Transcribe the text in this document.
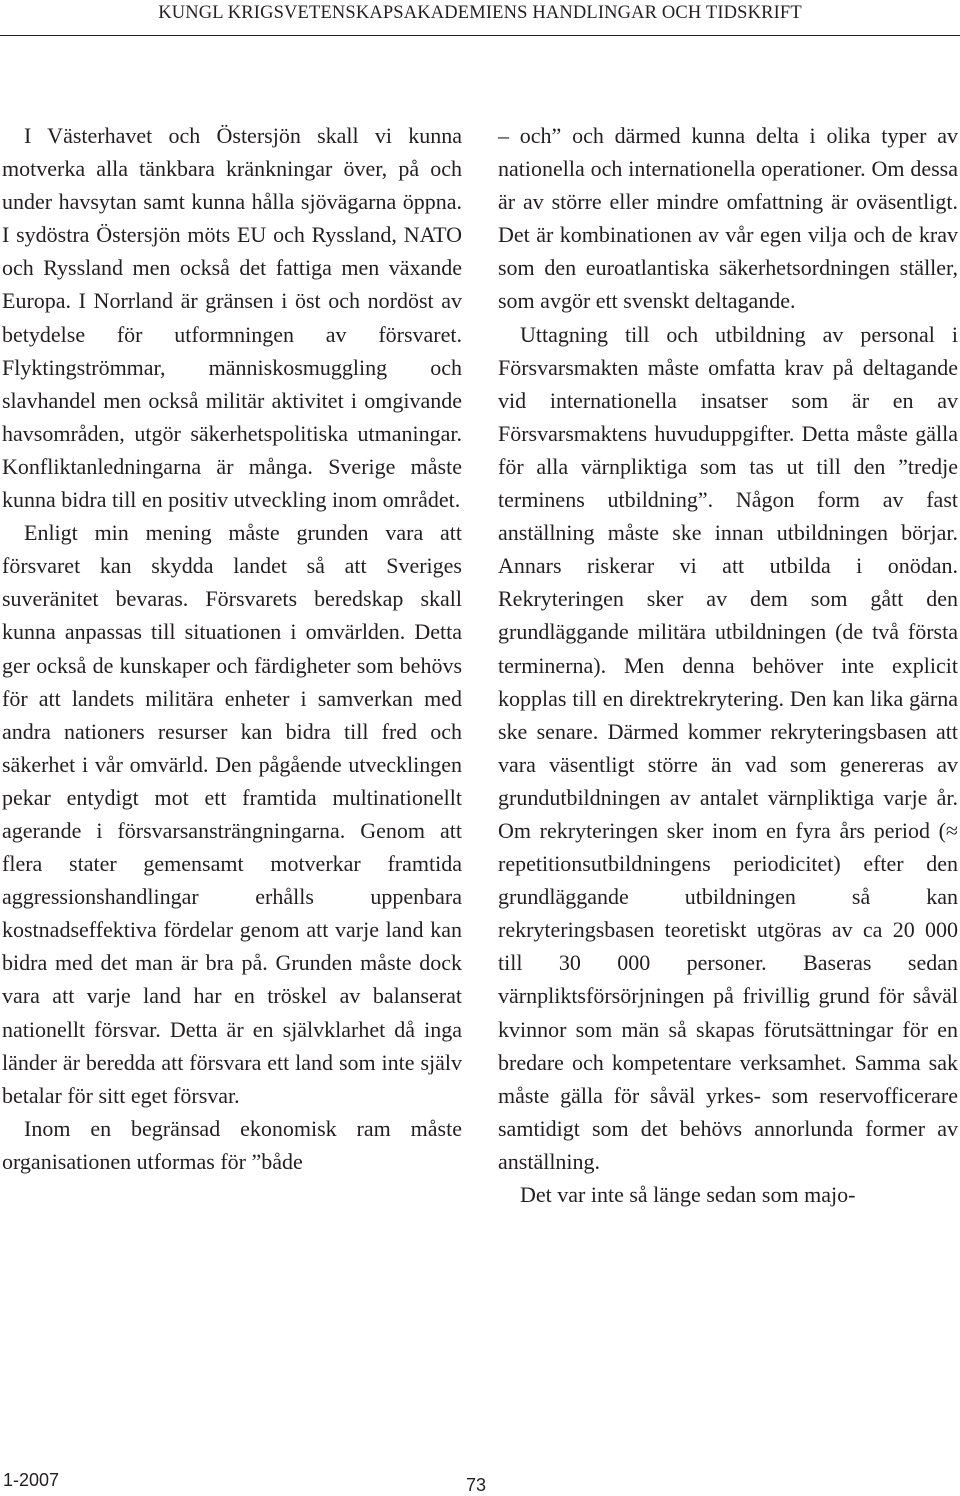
KUNGL KRIGSVETENSKAPSAKADEMIENS HANDLINGAR OCH TIDSKRIFT

I Västerhavet och Östersjön skall vi kunna motverka alla tänkbara kränkningar över, på och under havsytan samt kunna hålla sjövägarna öppna. I sydöstra Östersjön möts EU och Ryssland, NATO och Ryssland men också det fattiga men växande Europa. I Norrland är gränsen i öst och nordöst av betydelse för utformningen av försvaret. Flyktingströmmar, människosmuggling och slavhandel men också militär aktivitet i omgivande havsområden, utgör säkerhetspolitiska utmaningar. Konfliktanledningarna är många. Sverige måste kunna bidra till en positiv utveckling inom området.

Enligt min mening måste grunden vara att försvaret kan skydda landet så att Sveriges suveränitet bevaras. Försvarets beredskap skall kunna anpassas till situationen i omvärlden. Detta ger också de kunskaper och färdigheter som behövs för att landets militära enheter i samverkan med andra nationers resurser kan bidra till fred och säkerhet i vår omvärld. Den pågående utvecklingen pekar entydigt mot ett framtida multinationellt agerande i försvarsansträngningarna. Genom att flera stater gemensamt motverkar framtida aggressionshandlingar erhålls uppenbara kostnadseffektiva fördelar genom att varje land kan bidra med det man är bra på. Grunden måste dock vara att varje land har en tröskel av balanserat nationellt försvar. Detta är en självklarhet då inga länder är beredda att försvara ett land som inte själv betalar för sitt eget försvar.

Inom en begränsad ekonomisk ram måste organisationen utformas för ”både

– och” och därmed kunna delta i olika typer av nationella och internationella operationer. Om dessa är av större eller mindre omfattning är oväsentligt. Det är kombinationen av vår egen vilja och de krav som den euroatlantiska säkerhetsordningen ställer, som avgör ett svenskt deltagande.

Uttagning till och utbildning av personal i Försvarsmakten måste omfatta krav på deltagande vid internationella insatser som är en av Försvarsmaktens huvuduppgifter. Detta måste gälla för alla värnpliktiga som tas ut till den ”tredje terminens utbildning”. Någon form av fast anställning måste ske innan utbildningen börjar. Annars riskerar vi att utbilda i onödan. Rekryteringen sker av dem som gått den grundläggande militära utbildningen (de två första terminerna). Men denna behöver inte explicit kopplas till en direktrekrytering. Den kan lika gärna ske senare. Därmed kommer rekryteringsbasen att vara väsentligt större än vad som genereras av grundutbildningen av antalet värnpliktiga varje år. Om rekryteringen sker inom en fyra års period (≈ repetitionsutbildningens periodicitet) efter den grundläggande utbildningen så kan rekryteringsbasen teoretiskt utgöras av ca 20 000 till 30 000 personer. Baseras sedan värnpliktsförsörjningen på frivillig grund för såväl kvinnor som män så skapas förutsättningar för en bredare och kompetentare verksamhet. Samma sak måste gälla för såväl yrkes- som reservofficerare samtidigt som det behövs annorlunda former av anställning.

Det var inte så länge sedan som majo-

1-2007	73
